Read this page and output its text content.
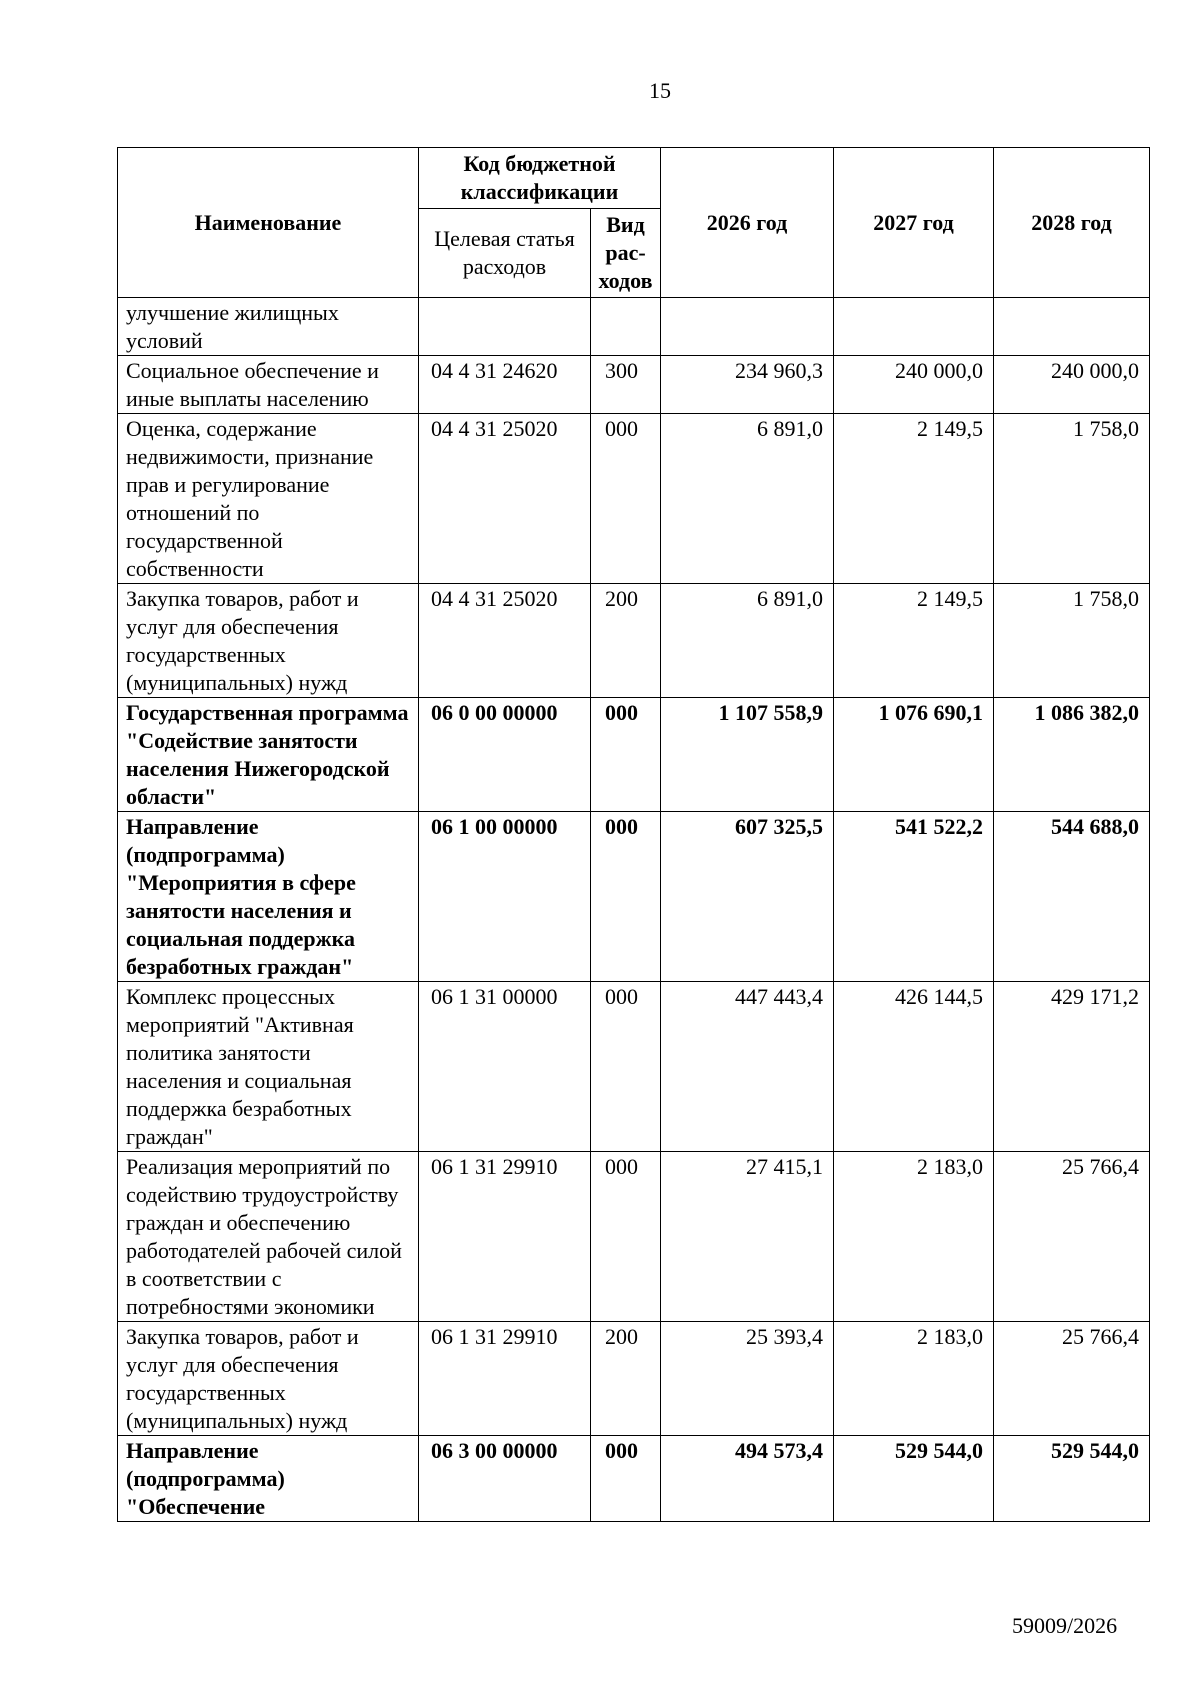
15
Наименование	Код бюджетной классификации		2026 год	2027 год	2028 год
	Целевая статья расходов	Вид рас-ходов			
улучшение жилищных условий					
Социальное обеспечение и иные выплаты населению	04 4 31 24620	300	234 960,3	240 000,0	240 000,0
Оценка, содержание недвижимости, признание прав и регулирование отношений по государственной собственности	04 4 31 25020	000	6 891,0	2 149,5	1 758,0
Закупка товаров, работ и услуг для обеспечения государственных (муниципальных) нужд	04 4 31 25020	200	6 891,0	2 149,5	1 758,0
Государственная программа "Содействие занятости населения Нижегородской области"	06 0 00 00000	000	1 107 558,9	1 076 690,1	1 086 382,0
Направление (подпрограмма) "Мероприятия в сфере занятости населения и социальная поддержка безработных граждан"	06 1 00 00000	000	607 325,5	541 522,2	544 688,0
Комплекс процессных мероприятий "Активная политика занятости населения и социальная поддержка безработных граждан"	06 1 31 00000	000	447 443,4	426 144,5	429 171,2
Реализация мероприятий по содействию трудоустройству граждан и обеспечению работодателей рабочей силой в соответствии с потребностями экономики	06 1 31 29910	000	27 415,1	2 183,0	25 766,4
Закупка товаров, работ и услуг для обеспечения государственных (муниципальных) нужд	06 1 31 29910	200	25 393,4	2 183,0	25 766,4
Направление (подпрограмма) "Обеспечение	06 3 00 00000	000	494 573,4	529 544,0	529 544,0
59009/2026
